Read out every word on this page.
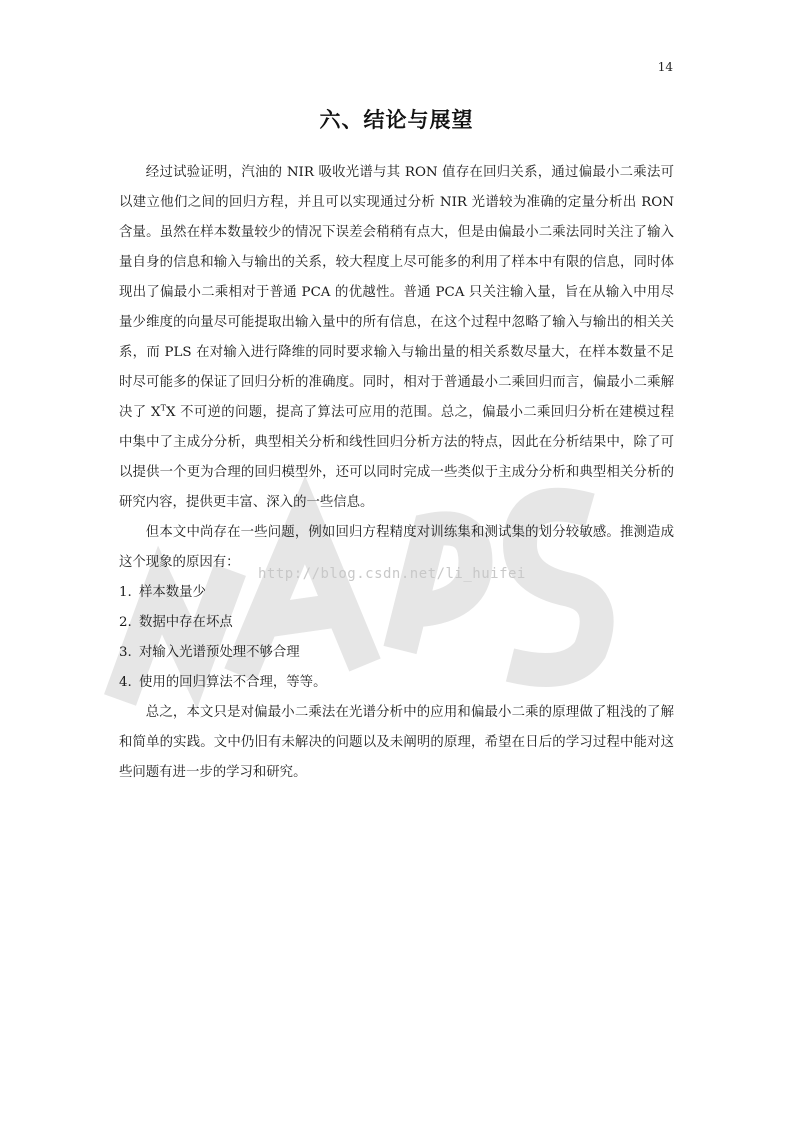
14
六、结论与展望

经过试验证明，汽油的 NIR 吸收光谱与其 RON 值存在回归关系，通过偏最小二乘法可以建立他们之间的回归方程，并且可以实现通过分析 NIR 光谱较为准确的定量分析出 RON 含量。虽然在样本数量较少的情况下误差会稍稍有点大，但是由偏最小二乘法同时关注了输入量自身的信息和输入与输出的关系，较大程度上尽可能多的利用了样本中有限的信息，同时体现出了偏最小二乘相对于普通 PCA 的优越性。普通 PCA 只关注输入量，旨在从输入中用尽量少维度的向量尽可能提取出输入量中的所有信息，在这个过程中忽略了输入与输出的相关关系，而 PLS 在对输入进行降维的同时要求输入与输出量的相关系数尽量大，在样本数量不足时尽可能多的保证了回归分析的准确度。同时，相对于普通最小二乘回归而言，偏最小二乘解决了 $X^TX$ 不可逆的问题，提高了算法可应用的范围。总之，偏最小二乘回归分析在建模过程中集中了主成分分析，典型相关分析和线性回归分析方法的特点，因此在分析结果中，除了可以提供一个更为合理的回归模型外，还可以同时完成一些类似于主成分分析和典型相关分析的研究内容，提供更丰富、深入的一些信息。

但本文中尚存在一些问题，例如回归方程精度对训练集和测试集的划分较敏感。推测造成这个现象的原因有：

1. 样本数量少
2. 数据中存在坏点
3. 对输入光谱预处理不够合理
4. 使用的回归算法不合理，等等。

总之，本文只是对偏最小二乘法在光谱分析中的应用和偏最小二乘的原理做了粗浅的了解和简单的实践。文中仍旧有未解决的问题以及未阐明的原理，希望在日后的学习过程中能对这些问题有进一步的学习和研究。

http://blog.csdn.net/li_huifei
